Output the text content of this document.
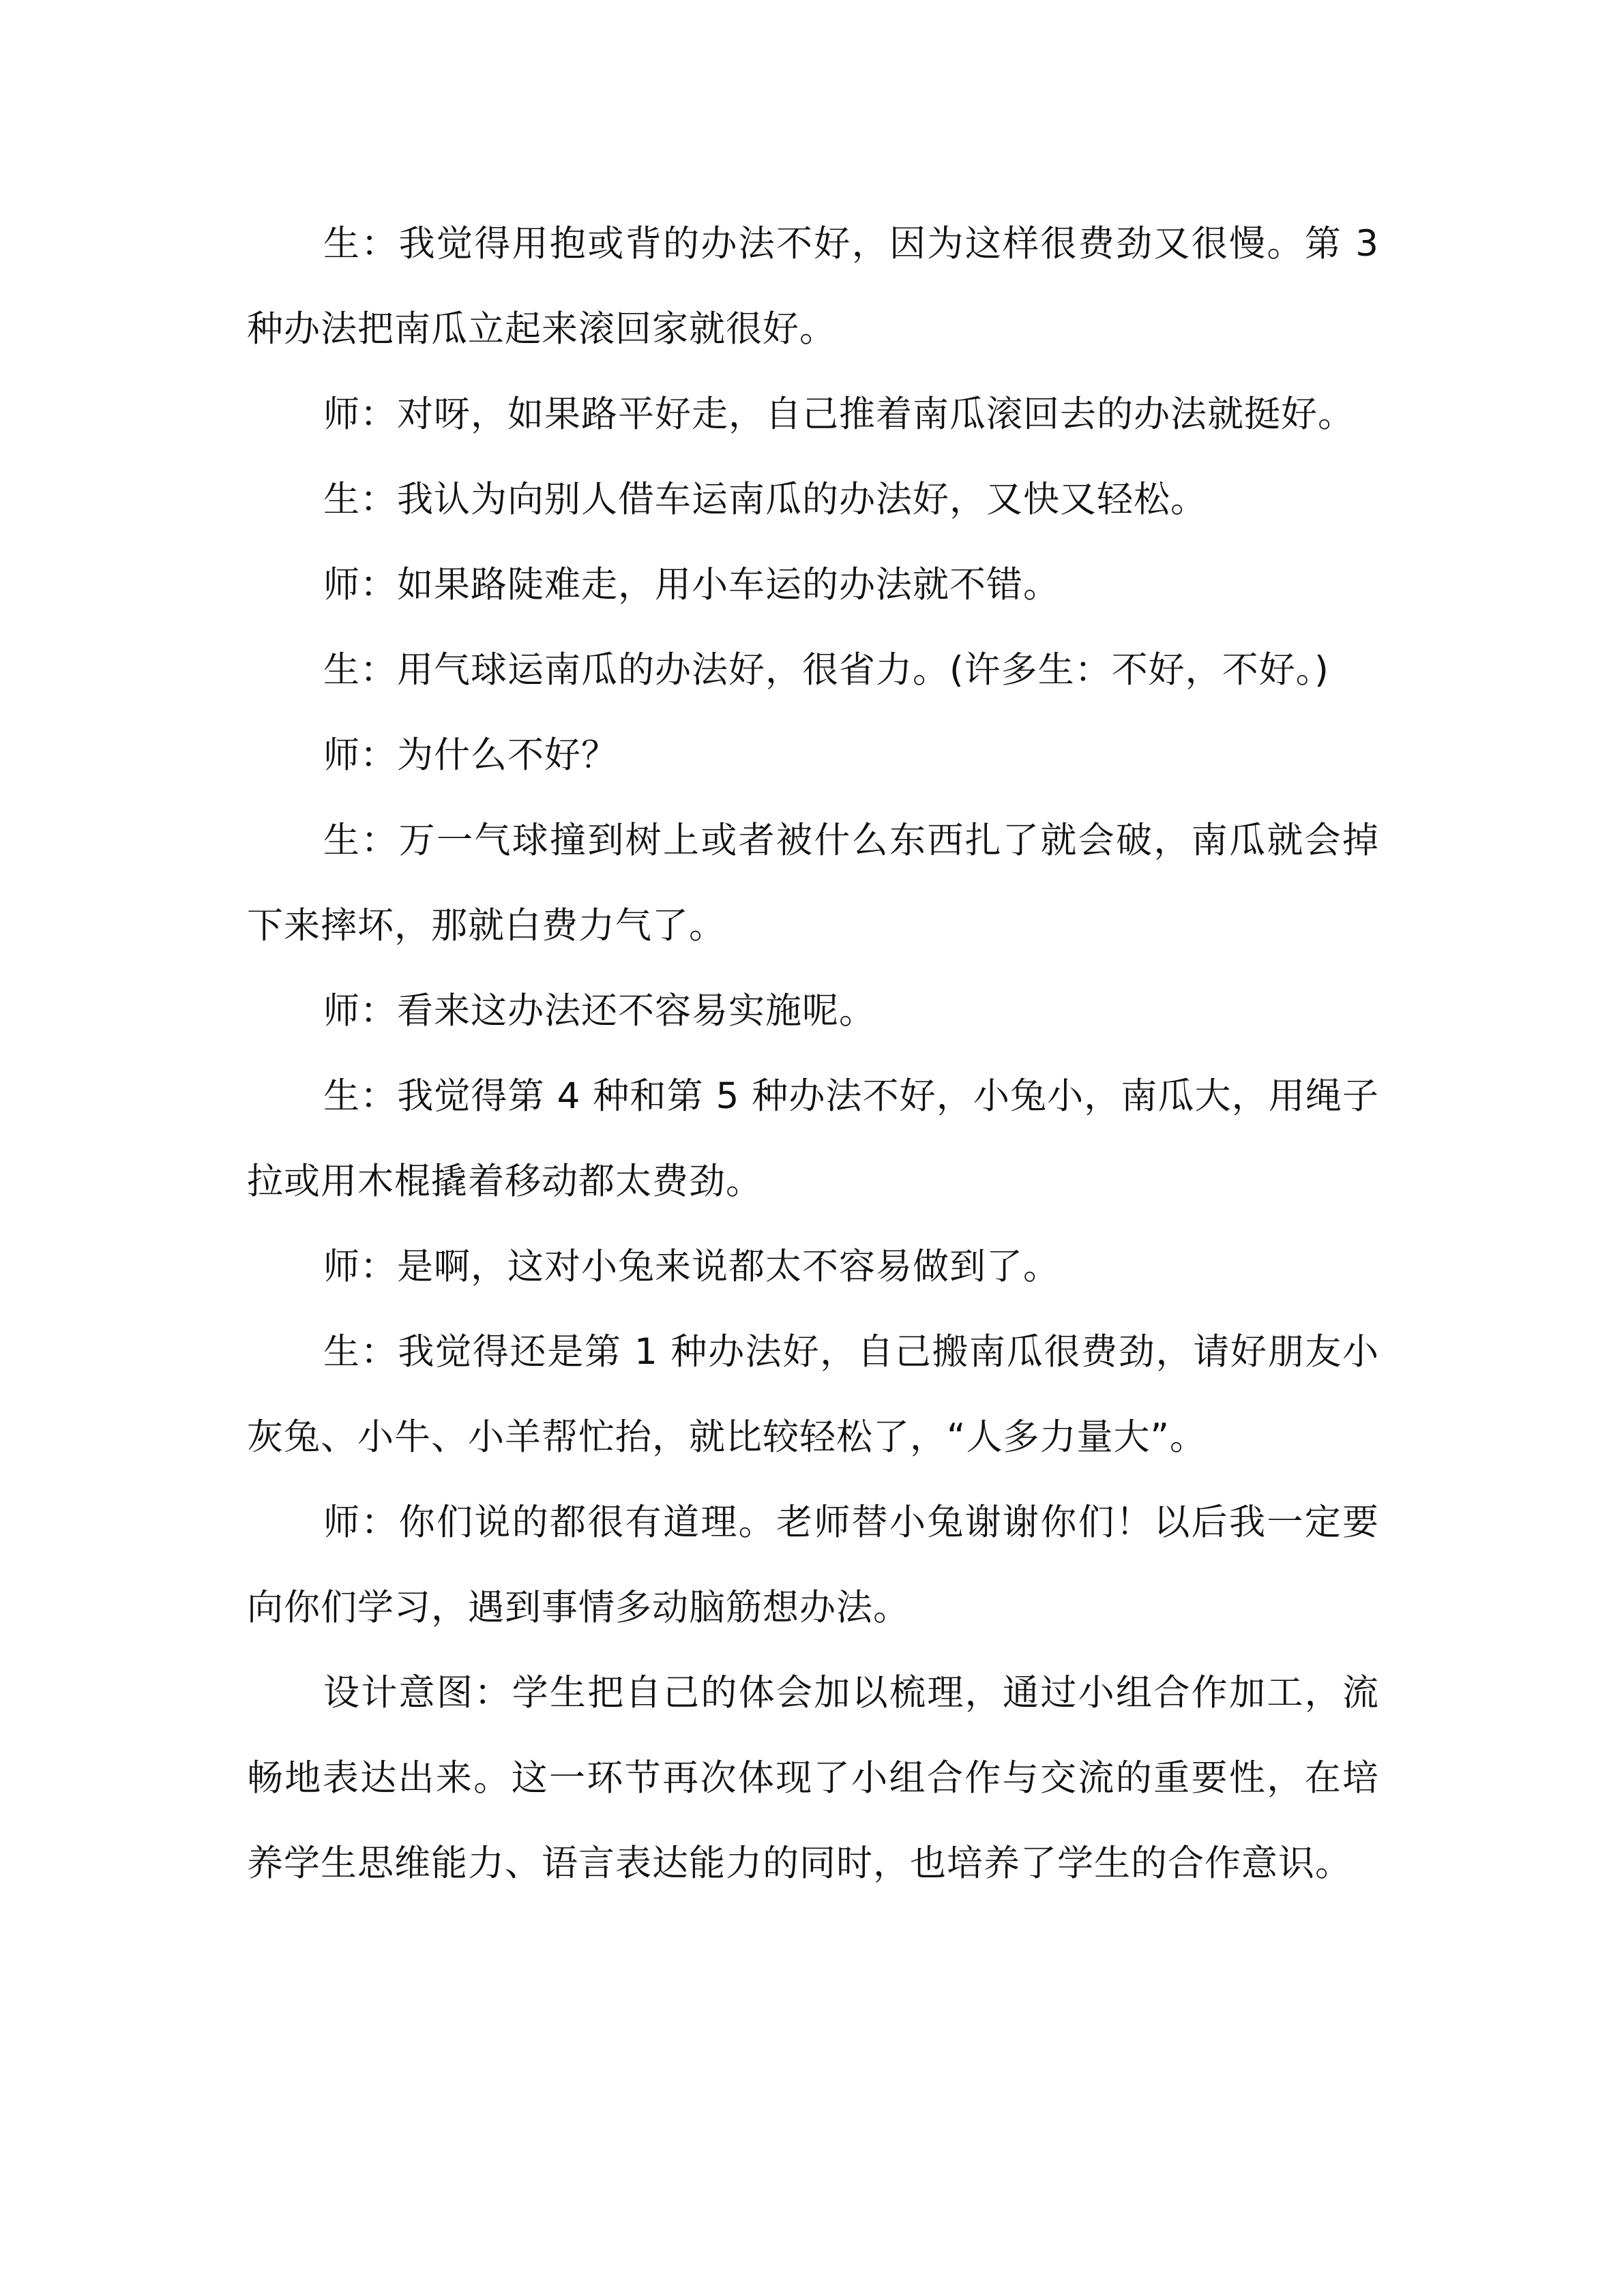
生：我觉得用抱或背的办法不好，因为这样很费劲又很慢。第 3 种办法把南瓜立起来滚回家就很好。

师：对呀，如果路平好走，自己推着南瓜滚回去的办法就挺好。

生：我认为向别人借车运南瓜的办法好，又快又轻松。

师：如果路陡难走，用小车运的办法就不错。

生：用气球运南瓜的办法好，很省力。(许多生：不好，不好。)

师：为什么不好？

生：万一气球撞到树上或者被什么东西扎了就会破，南瓜就会掉下来摔坏，那就白费力气了。

师：看来这办法还不容易实施呢。

生：我觉得第 4 种和第 5 种办法不好，小兔小，南瓜大，用绳子拉或用木棍撬着移动都太费劲。

师：是啊，这对小兔来说都太不容易做到了。

生：我觉得还是第 1 种办法好，自己搬南瓜很费劲，请好朋友小灰兔、小牛、小羊帮忙抬，就比较轻松了，“人多力量大”。

师：你们说的都很有道理。老师替小兔谢谢你们！以后我一定要向你们学习，遇到事情多动脑筋想办法。

设计意图：学生把自己的体会加以梳理，通过小组合作加工，流畅地表达出来。这一环节再次体现了小组合作与交流的重要性，在培养学生思维能力、语言表达能力的同时，也培养了学生的合作意识。
